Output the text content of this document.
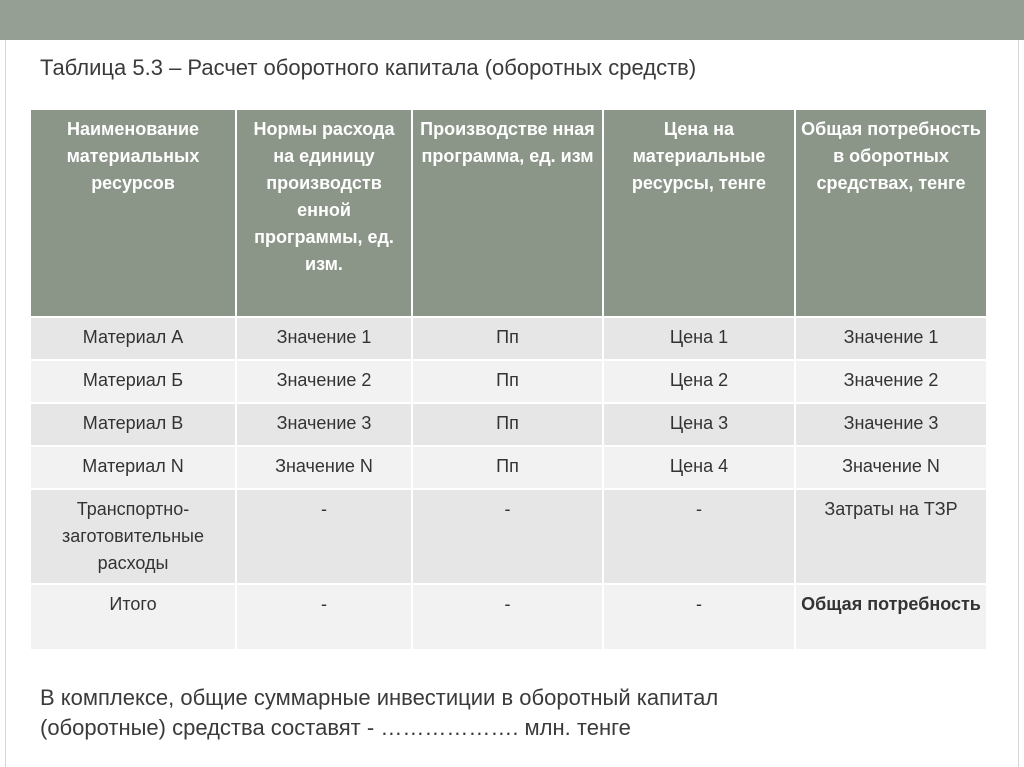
Таблица 5.3 – Расчет оборотного капитала (оборотных средств)
Наименование материальных ресурсов	Нормы расхода на единицу производств енной программы, ед. изм.	Производстве нная программа, ед. изм	Цена на материальные ресурсы, тенге	Общая потребность в оборотных средствах, тенге
Материал А	Значение 1	Пп	Цена 1	Значение 1
Материал Б	Значение 2	Пп	Цена 2	Значение 2
Материал В	Значение 3	Пп	Цена 3	Значение 3
Материал N	Значение N	Пп	Цена 4	Значение N
Транспортно-заготовительные расходы	-	-	-	Затраты на ТЗР
Итого	-	-	-	Общая потребность

В комплексе, общие суммарные инвестиции в оборотный капитал

(оборотные) средства составят - ………………. млн. тенге
